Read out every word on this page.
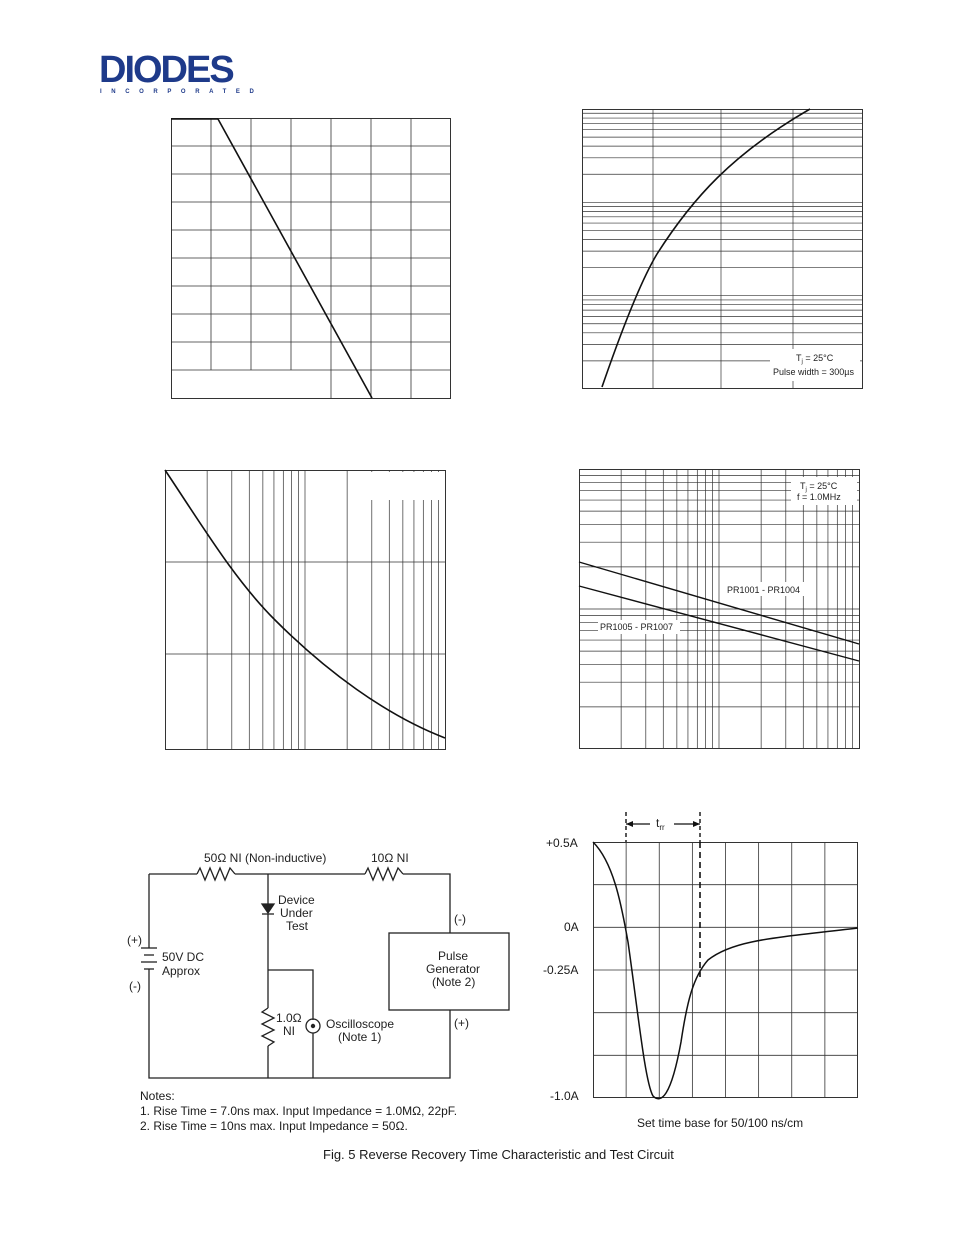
DIODES
INCORPORATED
$T_j = 25^\circ C$
Pulse width = 300µs
$T_j = 25^\circ C$
f = 1.0MHz
PR1001 - PR1004
PR1005 - PR1007
50Ω NI (Non-inductive)	10Ω NI
Device
Under
Test	(-)
(+)
50V DC
Approx
(-)
Pulse
Generator
(Note 2)
1.0Ω
NI	Oscilloscope
(Note 1)
(+)
Notes:
1. Rise Time = 7.0ns max. Input Impedance = 1.0MΩ, 22pF.
2. Rise Time = 10ns max. Input Impedance = 50Ω.
$t_{rr}$
+0.5A
0A
-0.25A
-1.0A
Set time base for 50/100 ns/cm
Fig. 5 Reverse Recovery Time Characteristic and Test Circuit
